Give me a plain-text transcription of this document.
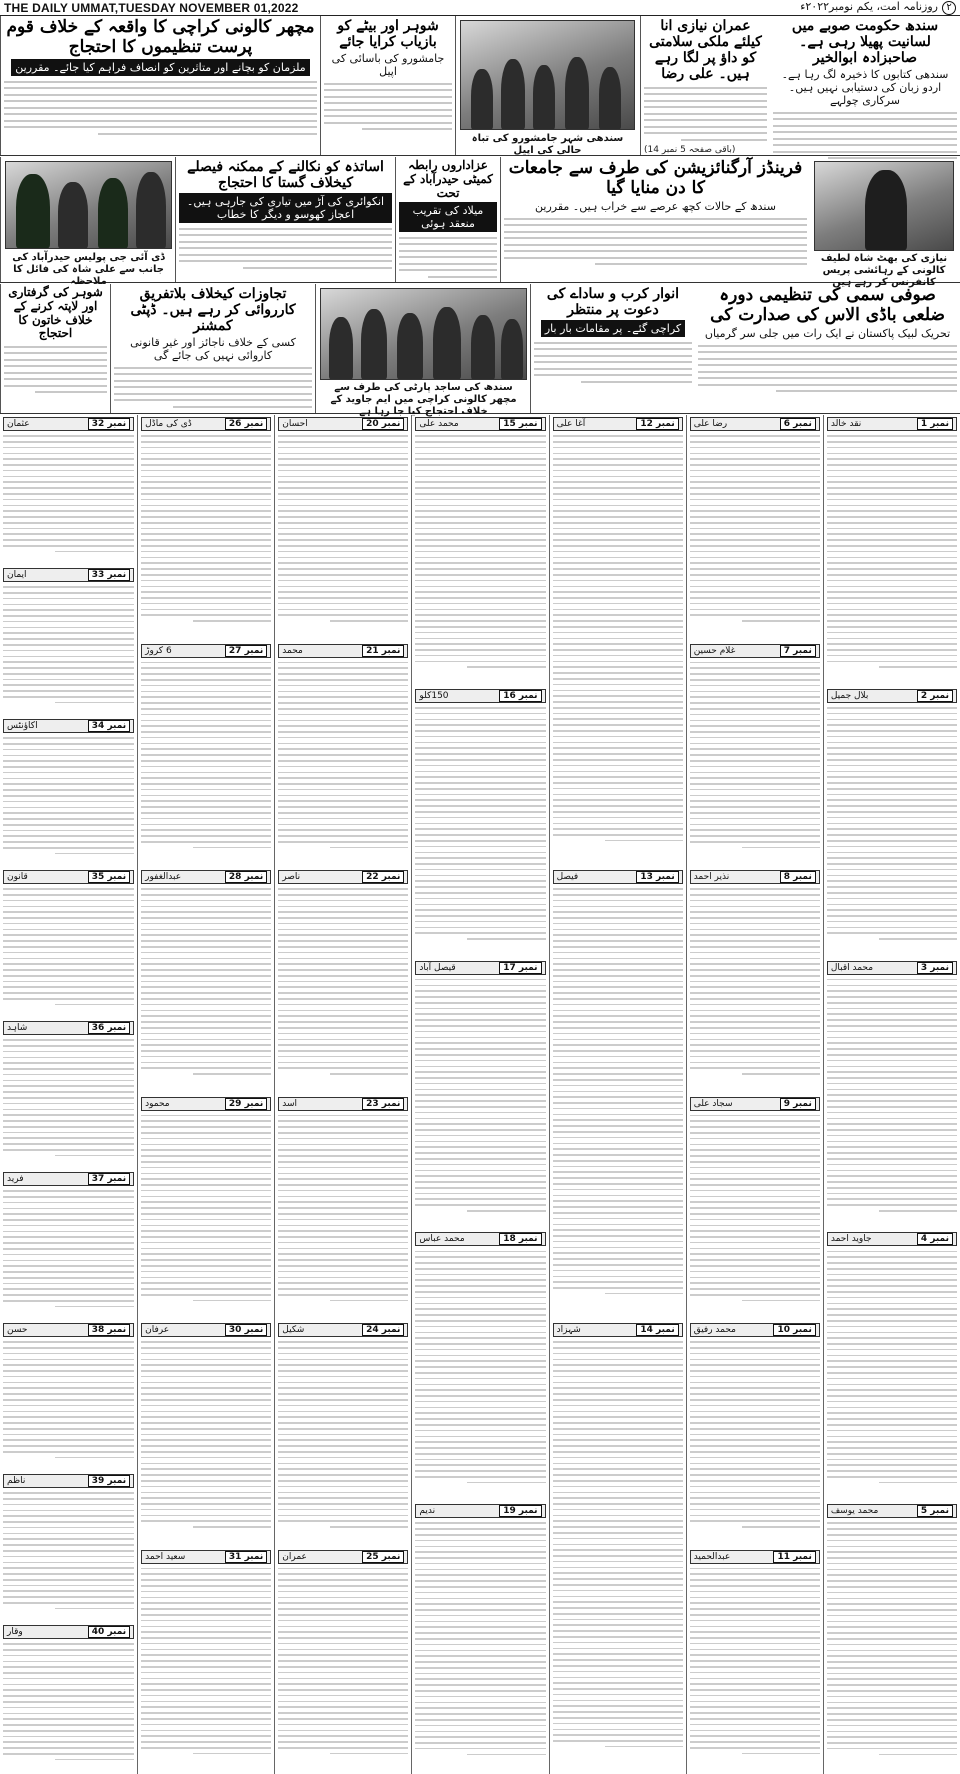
THE DAILY UMMAT,TUESDAY NOVEMBER 01,2022	۲روزنامہ امت، یکم نومبر۲۰۲۲ء
سندھ حکومت صوبے میں لسانیت پھیلا رہی ہے۔صاحبزادہ ابوالخیر
سندھی کتابوں کا ذخیرہ لگ رہا ہے۔ اردو زبان کی دستیابی نہیں ہیں۔ سرکاری چولہے
عمران نیازی انا کیلئے ملکی سلامتی کو داؤ پر لگا رہے ہیں۔ علی رضا
(باقی صفحہ 5 نمبر 14)
سندھی شہر جامشورو کی تباہ حالی کی اپیل
شوہر اور بیٹے کو بازیاب کرایا جائے
جامشورو کی باسائی کی اپیل
مچھر کالونی کراچی کا واقعہ کے خلاف قوم پرست تنظیموں کا احتجاج
ملزمان کو بچانے اور متاثرین کو انصاف فراہم کیا جائے۔ مقررین
نیازی کی بھٹ شاہ لطیف کالونی کے رہائشی پریس کانفرنس کر رہے ہیں
فرینڈز آرگنائزیشن کی طرف سے جامعات کا دن منایا گیا
سندھ کے حالات کچھ عرصے سے خراب ہیں۔ مقررین
عزاداروں رابطہ کمیٹی حیدرآباد کے تحت
میلاد کی تقریب منعقد ہوئی
اساتذہ کو نکالنے کے ممکنہ فیصلے کیخلاف گستا کا احتجاج
انکوائری کی آڑ میں تیاری کی جارہی ہیں۔ اعجاز کھوسو و دیگر کا خطاب
ڈی آئی جی پولیس حیدرآباد کی جانب سے علی شاہ کی فائل کا ملاحظہ
صوفی سمی کی تنظیمی دورہ ضلعی باڈی الاس کی صدارت کی
تحریک لبیک پاکستان نے ایک رات میں جلی سر گرمیاں
انوار کرب و ساداے کی دعوت پر منتظر
کراچی گئے۔ پر مقامات بار بار
سندھ کی ساجد پارٹی کی طرف سے مچھر کالونی کراچی میں ایم جاوید کے خلاف احتجاج کیا جا رہا ہے
تجاوزات کیخلاف بلاتفریق کارروائی کر رہے ہیں۔ ڈپٹی کمشنر
کسی کے خلاف ناجائز اور غیر قانونی کاروائی نہیں کی جائے گی
شوہر کی گرفتاری اور لاپتہ کرنے کے خلاف خاتون کا احتجاج
نمبر 1
نقد خالد
نمبر 2
بلال جمیل
نمبر 3
محمد اقبال
نمبر 4
جاوید احمد
نمبر 5
محمد یوسف
نمبر 6
رضا علی
نمبر 7
غلام حسین
نمبر 8
نذیر احمد
نمبر 9
سجاد علی
نمبر 10
محمد رفیق
نمبر 11
عبدالحمید
نمبر 12
آغا علی
نمبر 13
فیصل
نمبر 14
شہزاد
نمبر 15
محمد علی
نمبر 16
150کلو
نمبر 17
قیصل آباد
نمبر 18
محمد عباس
نمبر 19
ندیم
نمبر 20
احسان
نمبر 21
محمد
نمبر 22
ناصر
نمبر 23
اسد
نمبر 24
شکیل
نمبر 25
عمران
نمبر 26
ڈی کی ماڈل
نمبر 27
6 کروڑ
نمبر 28
عبدالغفور
نمبر 29
محمود
نمبر 30
عرفان
نمبر 31
سعید احمد
نمبر 32
عثمان
نمبر 33
ایمان
نمبر 34
اکاؤنٹس
نمبر 35
قانون
نمبر 36
شاہد
نمبر 37
فرید
نمبر 38
حسن
نمبر 39
ناظم
نمبر 40
وقار
